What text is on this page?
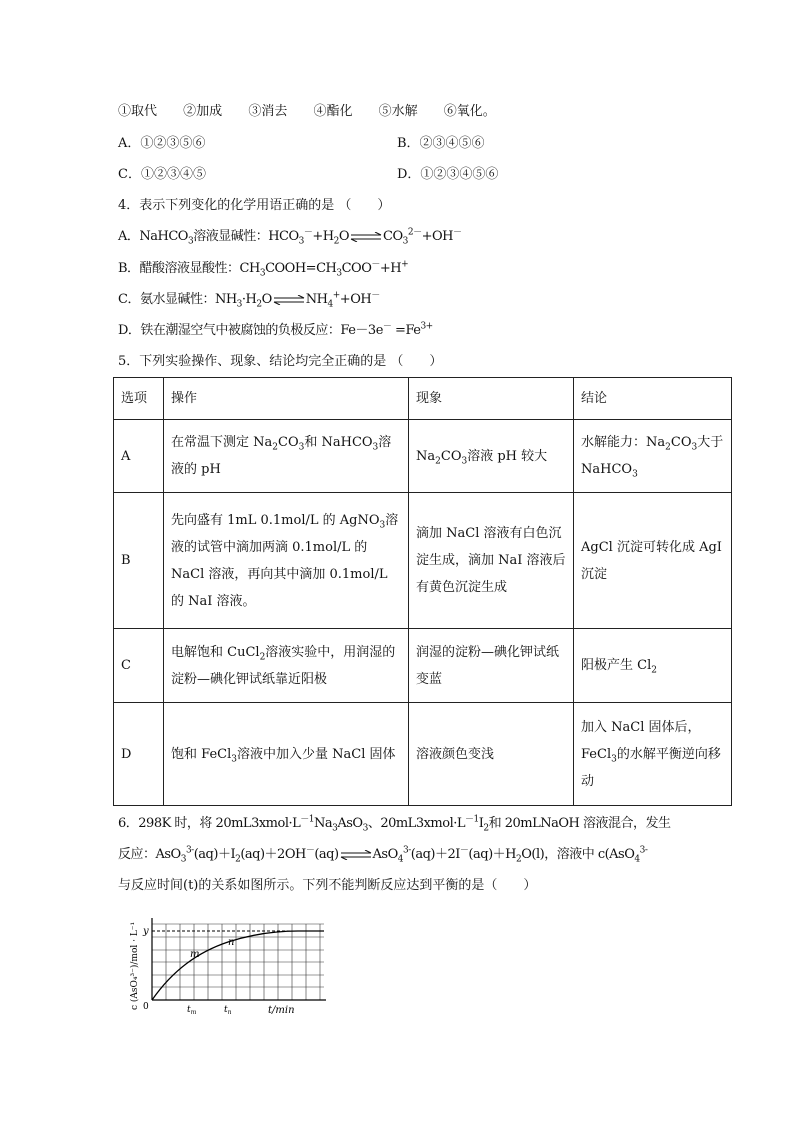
①取代 ②加成 ③消去 ④酯化 ⑤水解 ⑥氧化。
A．①②③⑤⑥	B．②③④⑤⑥
C．①②③④⑤	D．①②③④⑤⑥
4．表示下列变化的化学用语正确的是 （　　）
A．NaHCO$_3$溶液显碱性：$HCO_3^-+H_2O\rightleftharpoons CO_3^{2-}+OH^-$
B．醋酸溶液显酸性：$CH_3COOH=CH_3COO^-+H^+$
C．氨水显碱性：$NH_3\cdot H_2O\rightleftharpoons NH_4^++OH^-$
D．铁在潮湿空气中被腐蚀的负极反应：$Fe-3e^- =Fe^{3+}$
5．下列实验操作、现象、结论均完全正确的是 （　　）
选项	操作	现象	结论
A	在常温下测定 $Na_2CO_3$和 NaHCO$_3$溶液的 pH	$Na_2CO_3$溶液 pH 较大	水解能力：$Na_2CO_3$大于 NaHCO$_3$
B	先向盛有 1mL 0.1mol/L 的 AgNO$_3$溶液的试管中滴加两滴 0.1mol/L 的 NaCl 溶液，再向其中滴加 0.1mol/L 的 NaI 溶液。	滴加 NaCl 溶液有白色沉淀生成，滴加 NaI 溶液后有黄色沉淀生成	AgCl 沉淀可转化成 AgI 沉淀
C	电解饱和 CuCl$_2$溶液实验中，用润湿的淀粉—碘化钾试纸靠近阳极	润湿的淀粉—碘化钾试纸变蓝	阳极产生 $Cl_2$
D	饱和 FeCl$_3$溶液中加入少量 NaCl 固体	溶液颜色变浅	加入 NaCl 固体后，FeCl$_3$的水解平衡逆向移动
6．298K 时，将 $20mL3xmol\cdot L^{-1}Na_3AsO_3$、$20mL3xmol\cdot L^{-1}I_2$和 20mLNaOH 溶液混合，发生
反应：$AsO_3^{3-}(aq)+I_2(aq)+2OH^-(aq)\rightleftharpoons AsO_4^{3-}(aq)+2I^-(aq)+H_2O(l)$，溶液中 c(AsO$_4^{3-}$
与反应时间(t)的关系如图所示。下列不能判断反应达到平衡的是（　　）
y
0
m
n
$t_m$	$t_n$	t/min
c (AsO₄³⁻)/mol · L⁻¹
